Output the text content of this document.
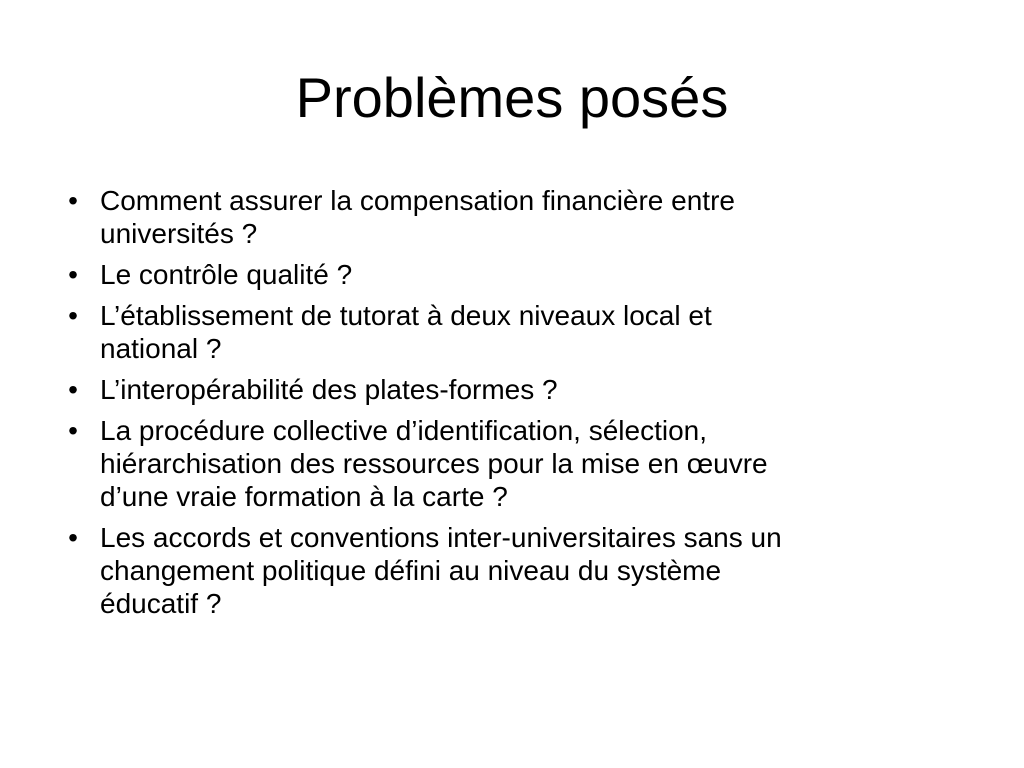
Problèmes posés
• Comment assurer la compensation financière entre
universités ?
• Le contrôle qualité ?
• L’établissement de tutorat à deux niveaux local et
national ?
• L’interopérabilité des plates-formes ?
• La procédure collective d’identification, sélection,
hiérarchisation des ressources pour la mise en œuvre
d’une vraie formation à la carte ?
• Les accords et conventions inter-universitaires sans un
changement politique défini au niveau du système
éducatif ?
